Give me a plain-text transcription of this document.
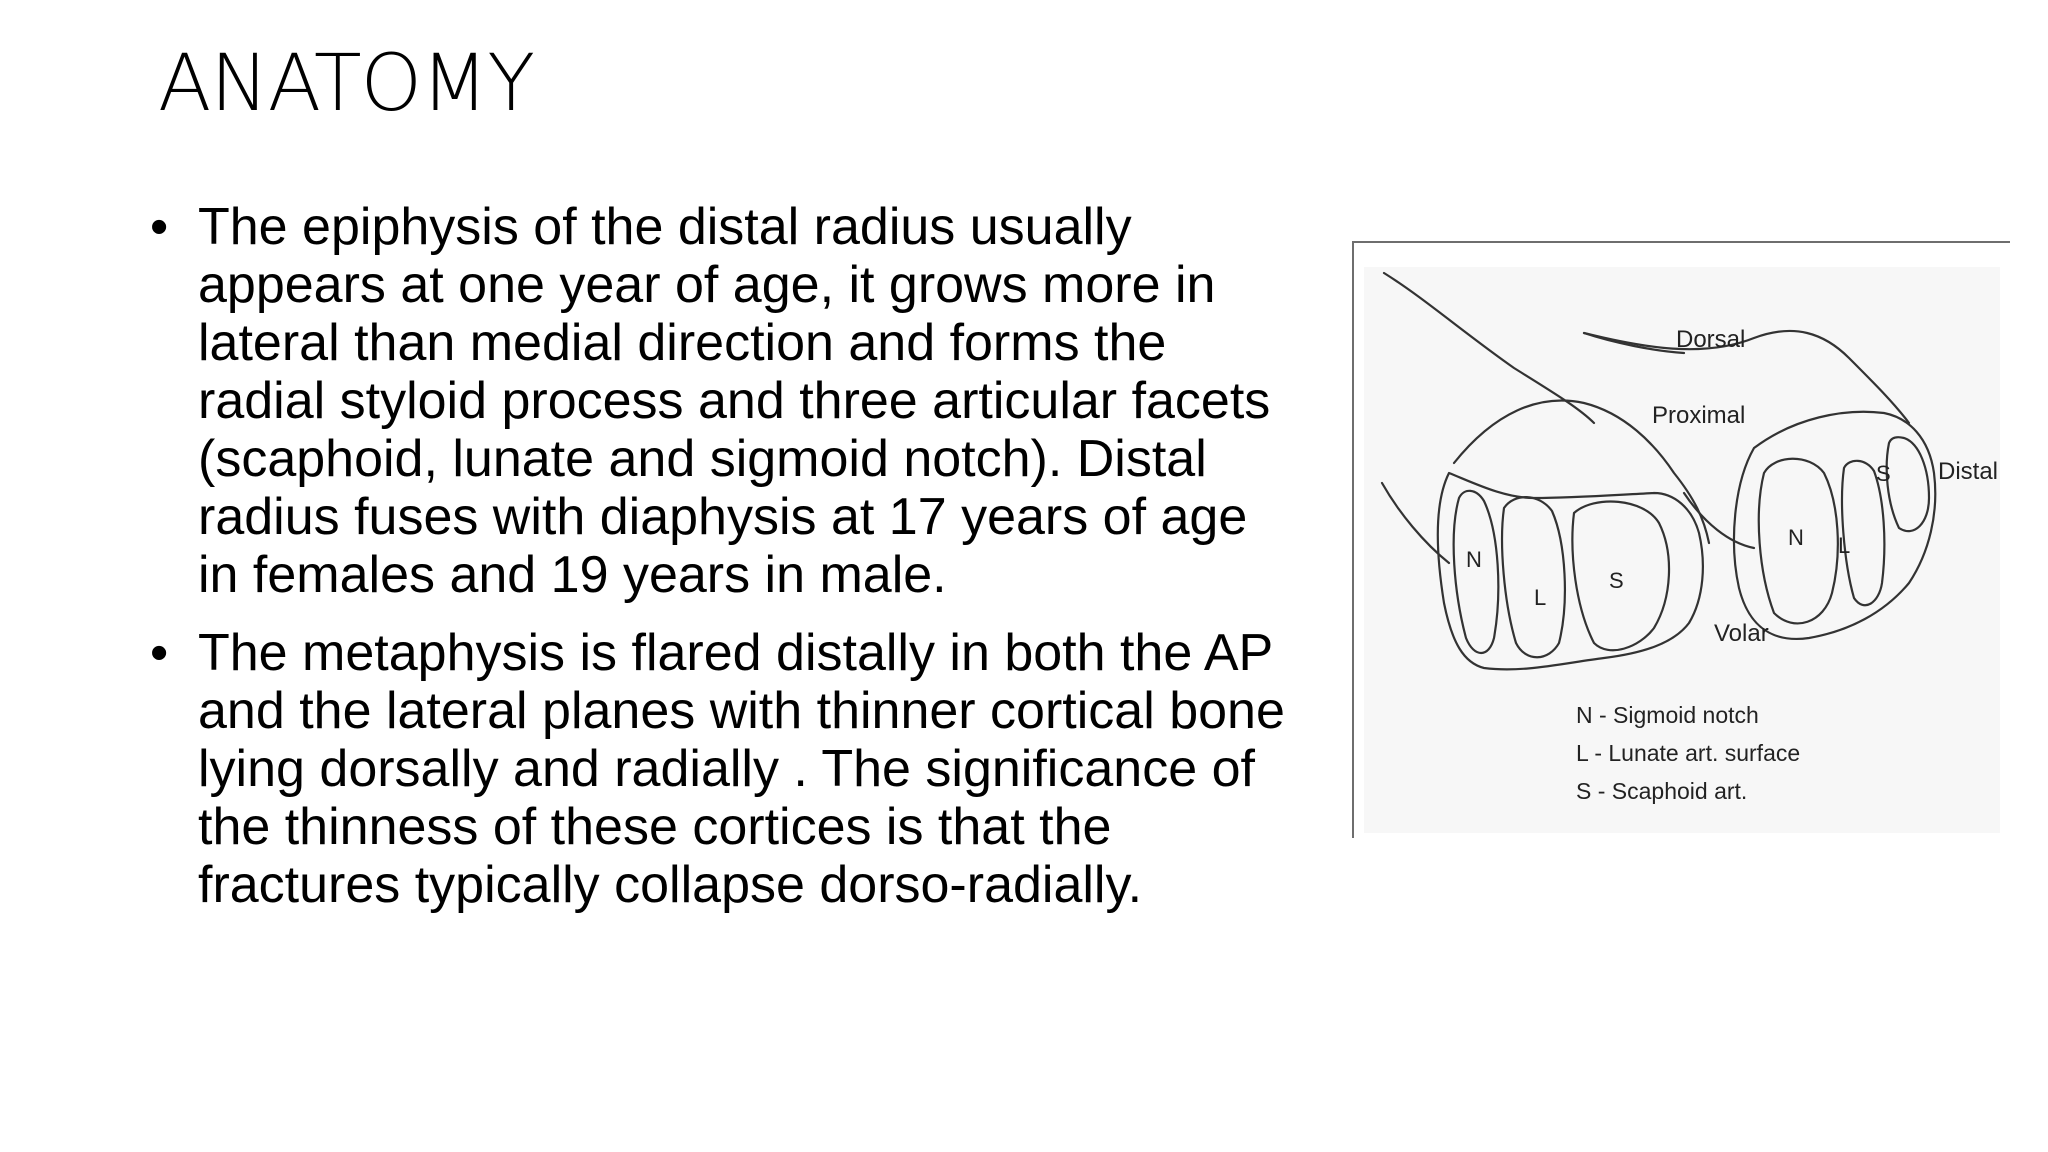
ANATOMY
• The epiphysis of the distal radius usually appears at one year of age, it grows more in lateral than medial direction and forms the radial styloid process and three articular facets (scaphoid, lunate and sigmoid notch). Distal radius fuses with diaphysis at 17 years of age in females and 19 years in male.
• The metaphysis is flared distally in both the AP and the lateral planes with thinner cortical bone lying dorsally and radially . The significance of the thinness of these cortices is that the fractures typically collapse dorso-radially.
Dorsal
Proximal
Distal
Volar
N
L
S
N L
S
N - Sigmoid notch
L - Lunate art. surface
S - Scaphoid art.
